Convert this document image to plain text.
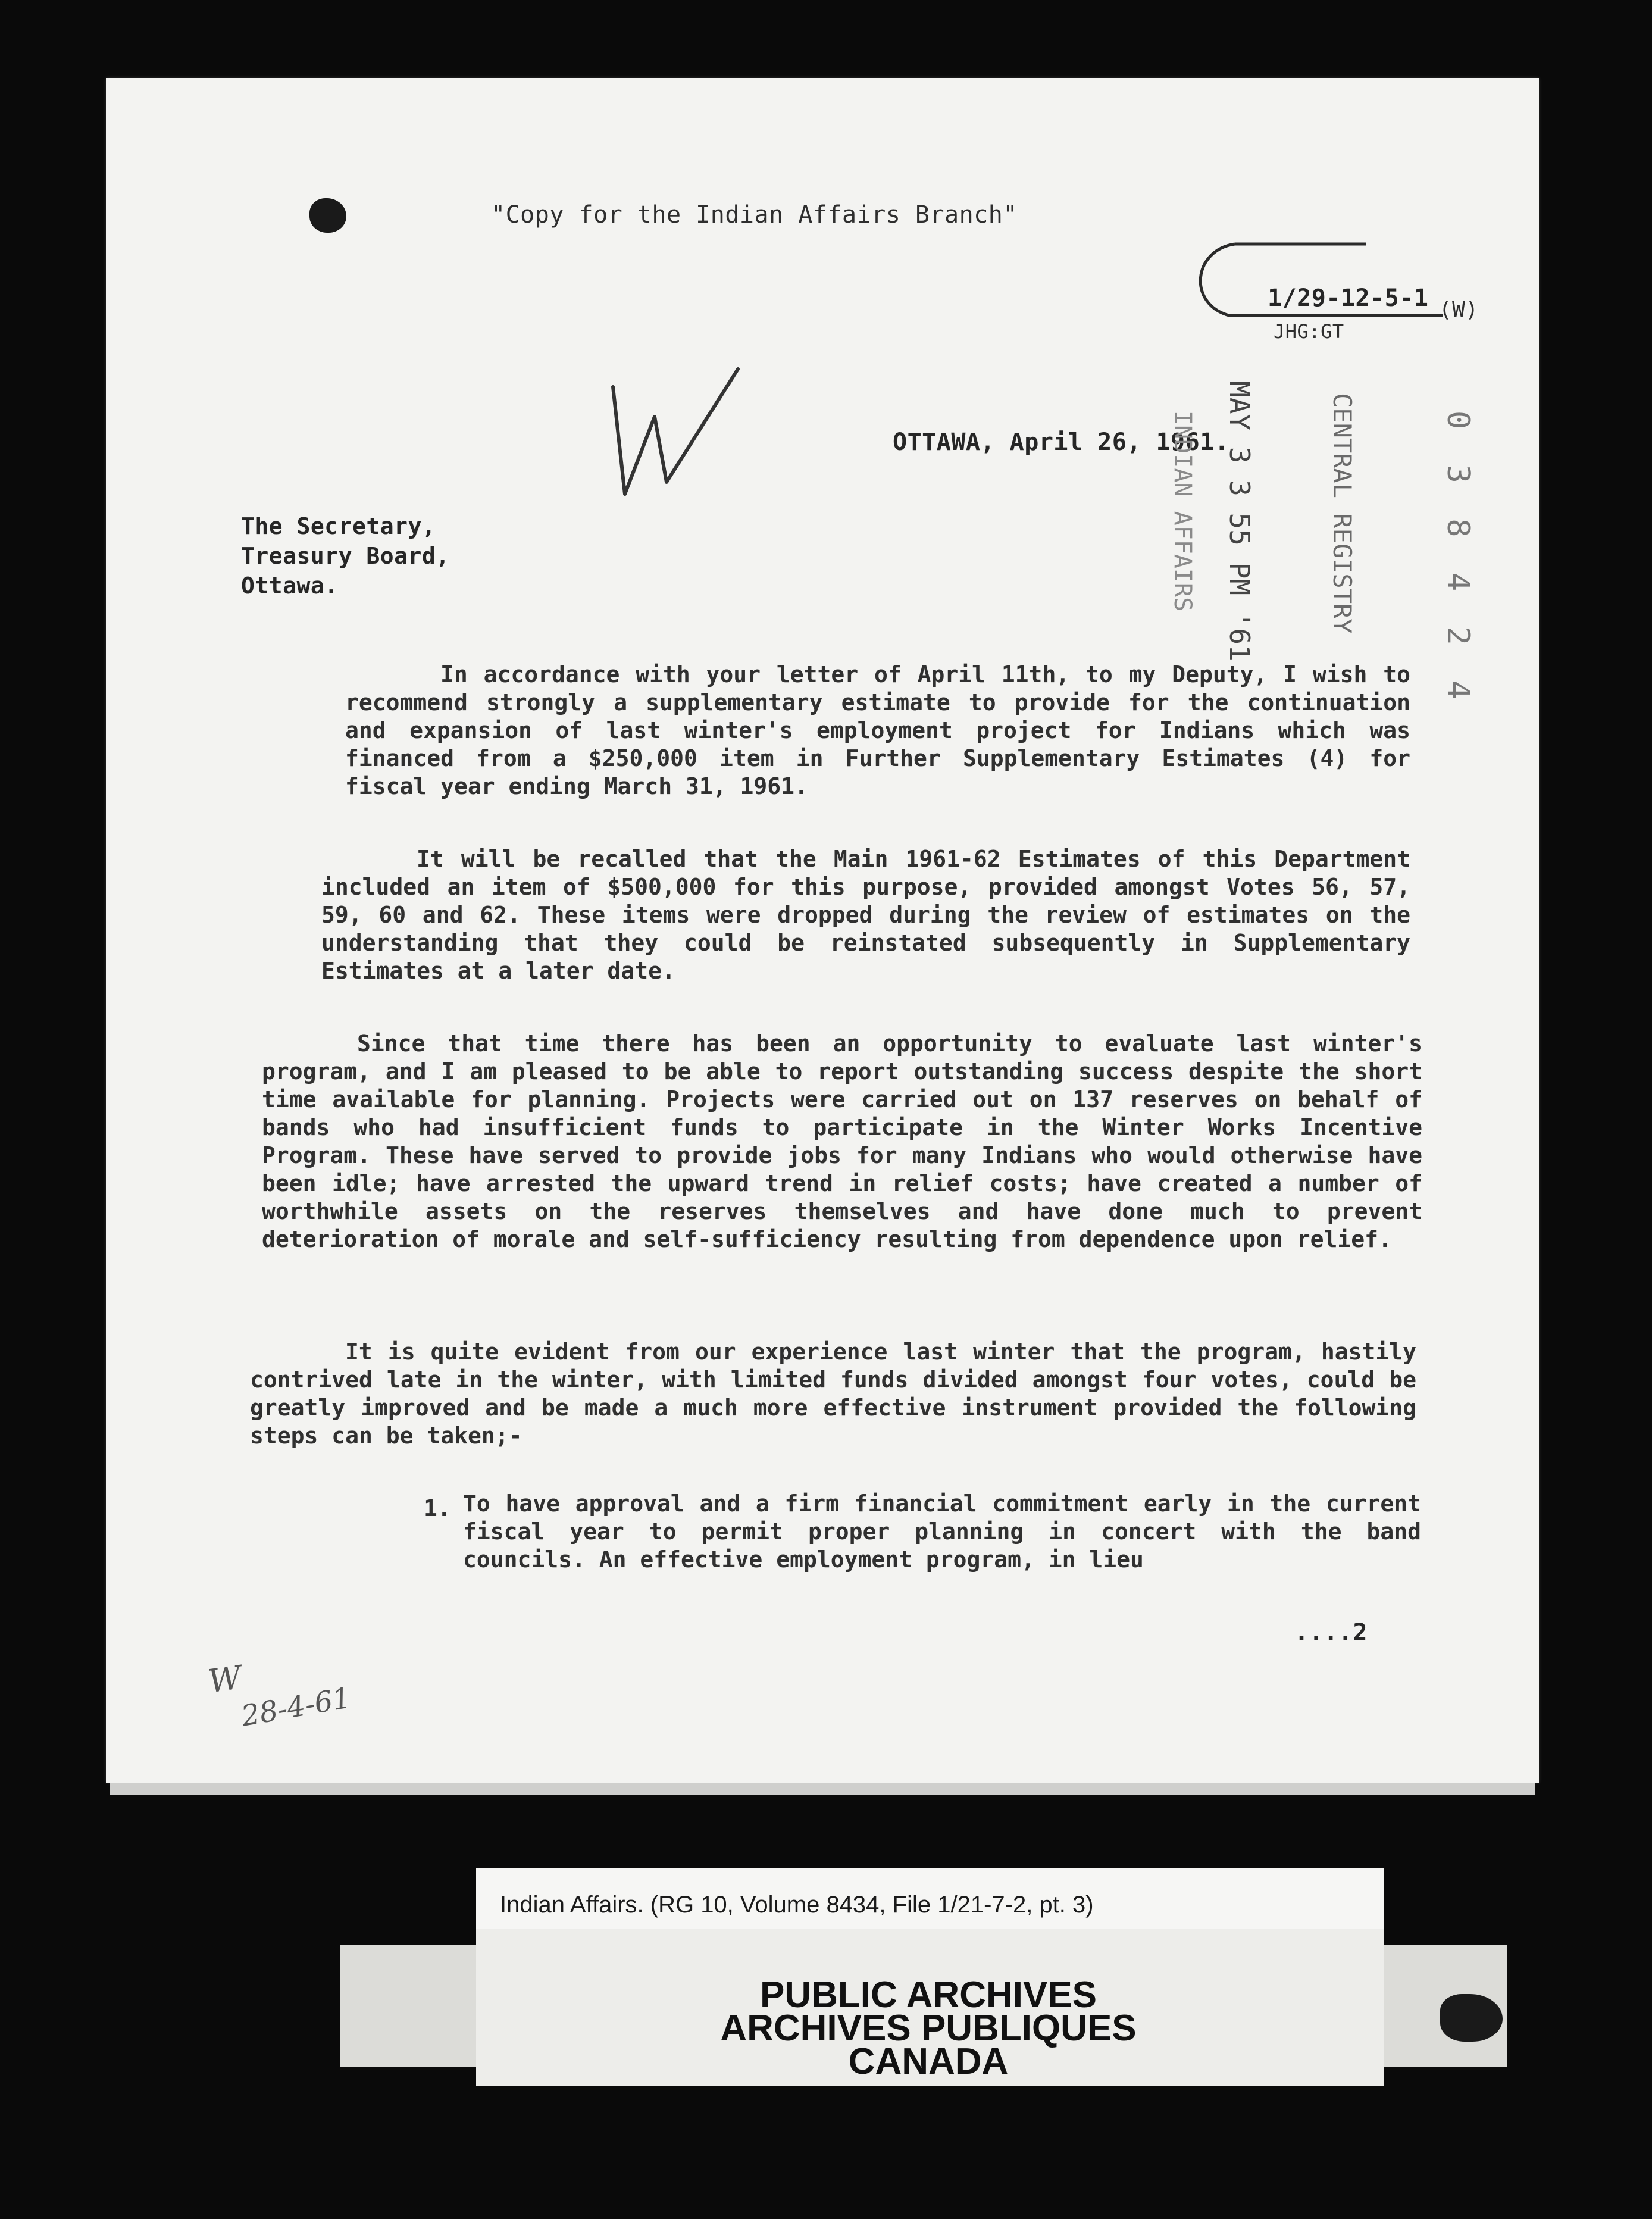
"Copy for the Indian Affairs Branch"
1/29-12-5-1 (W)
JHG:GT
OTTAWA, April 26, 1961.
MAY 3 3 55 PM '61
INDIAN AFFAIRS	CENTRAL REGISTRY	0 3 8 4 2 4
The Secretary,
Treasury Board,
Ottawa.

In accordance with your letter of April 11th, to my Deputy, I wish to recommend strongly a supplementary estimate to provide for the continuation and expansion of last winter's employment project for Indians which was financed from a $250,000 item in Further Supplementary Estimates (4) for fiscal year ending March 31, 1961.

It will be recalled that the Main 1961-62 Estimates of this Department included an item of $500,000 for this purpose, provided amongst Votes 56, 57, 59, 60 and 62. These items were dropped during the review of estimates on the understanding that they could be reinstated subsequently in Supplementary Estimates at a later date.

Since that time there has been an opportunity to evaluate last winter's program, and I am pleased to be able to report outstanding success despite the short time available for planning. Projects were carried out on 137 reserves on behalf of bands who had insufficient funds to participate in the Winter Works Incentive Program. These have served to provide jobs for many Indians who would otherwise have been idle; have arrested the upward trend in relief costs; have created a number of worthwhile assets on the reserves themselves and have done much to prevent deterioration of morale and self-sufficiency resulting from dependence upon relief.

It is quite evident from our experience last winter that the program, hastily contrived late in the winter, with limited funds divided amongst four votes, could be greatly improved and be made a much more effective instrument provided the following steps can be taken;-

1. To have approval and a firm financial commitment early in the current fiscal year to permit proper planning in concert with the band councils. An effective employment program, in lieu
....2
W
28-4-61
Indian Affairs. (RG 10, Volume 8434, File 1/21-7-2, pt. 3)
PUBLIC ARCHIVES
ARCHIVES PUBLIQUES
CANADA
